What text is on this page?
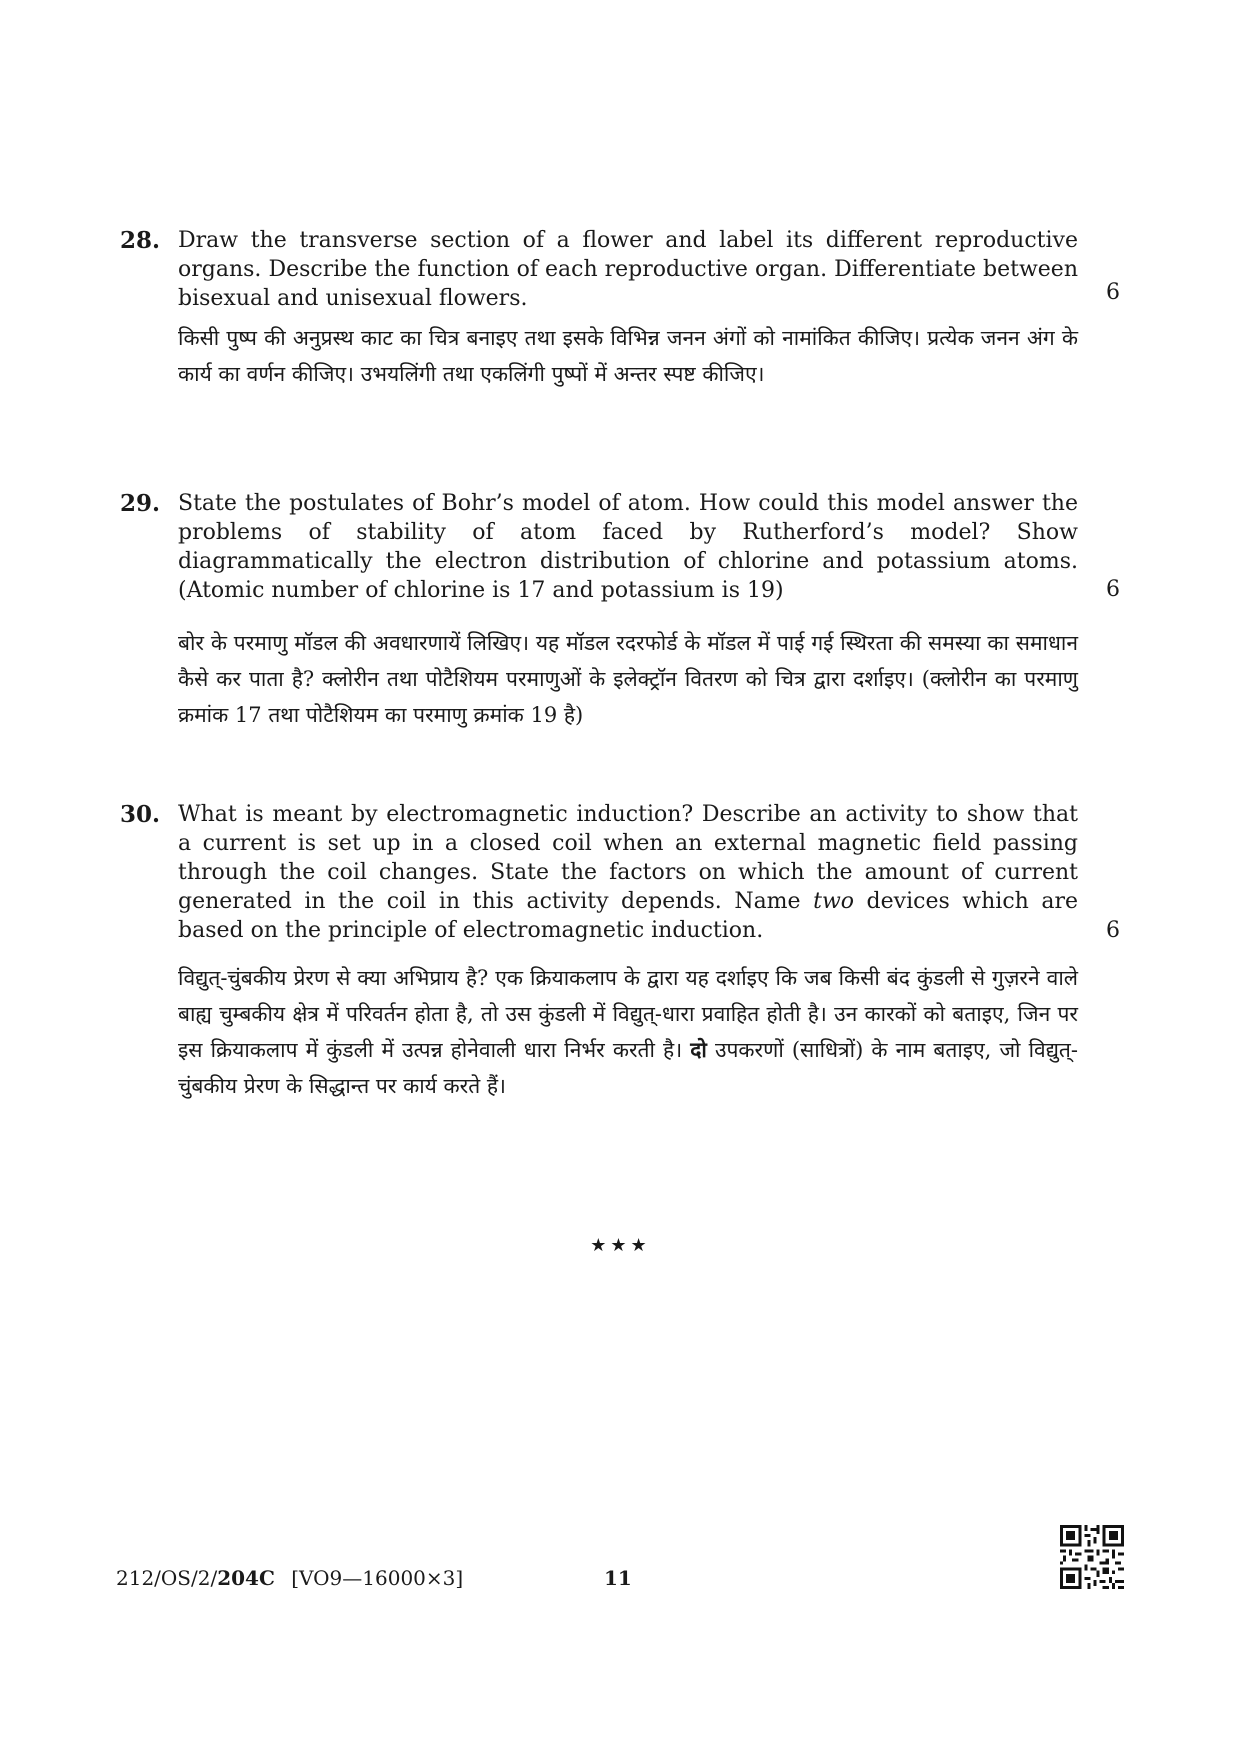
28. Draw the transverse section of a flower and label its different reproductive organs. Describe the function of each reproductive organ. Differentiate between bisexual and unisexual flowers.	6
किसी पुष्प की अनुप्रस्थ काट का चित्र बनाइए तथा इसके विभिन्न जनन अंगों को नामांकित कीजिए। प्रत्येक जनन अंग के कार्य का वर्णन कीजिए। उभयलिंगी तथा एकलिंगी पुष्पों में अन्तर स्पष्ट कीजिए।
29. State the postulates of Bohr’s model of atom. How could this model answer the problems of stability of atom faced by Rutherford’s model? Show diagrammatically the electron distribution of chlorine and potassium atoms. (Atomic number of chlorine is 17 and potassium is 19)	6
बोर के परमाणु मॉडल की अवधारणायें लिखिए। यह मॉडल रदरफोर्ड के मॉडल में पाई गई स्थिरता की समस्या का समाधान कैसे कर पाता है? क्लोरीन तथा पोटैशियम परमाणुओं के इलेक्ट्रॉन वितरण को चित्र द्वारा दर्शाइए। (क्लोरीन का परमाणु क्रमांक 17 तथा पोटैशियम का परमाणु क्रमांक 19 है)
30. What is meant by electromagnetic induction? Describe an activity to show that a current is set up in a closed coil when an external magnetic field passing through the coil changes. State the factors on which the amount of current generated in the coil in this activity depends. Name two devices which are based on the principle of electromagnetic induction.	6
विद्युत्-चुंबकीय प्रेरण से क्या अभिप्राय है? एक क्रियाकलाप के द्वारा यह दर्शाइए कि जब किसी बंद कुंडली से गुज़रने वाले बाह्य चुम्बकीय क्षेत्र में परिवर्तन होता है, तो उस कुंडली में विद्युत्-धारा प्रवाहित होती है। उन कारकों को बताइए, जिन पर इस क्रियाकलाप में कुंडली में उत्पन्न होनेवाली धारा निर्भर करती है। दो उपकरणों (साधित्रों) के नाम बताइए, जो विद्युत्-चुंबकीय प्रेरण के सिद्धान्त पर कार्य करते हैं।
★★★
212/OS/2/204C [VO9—16000×3]	11
